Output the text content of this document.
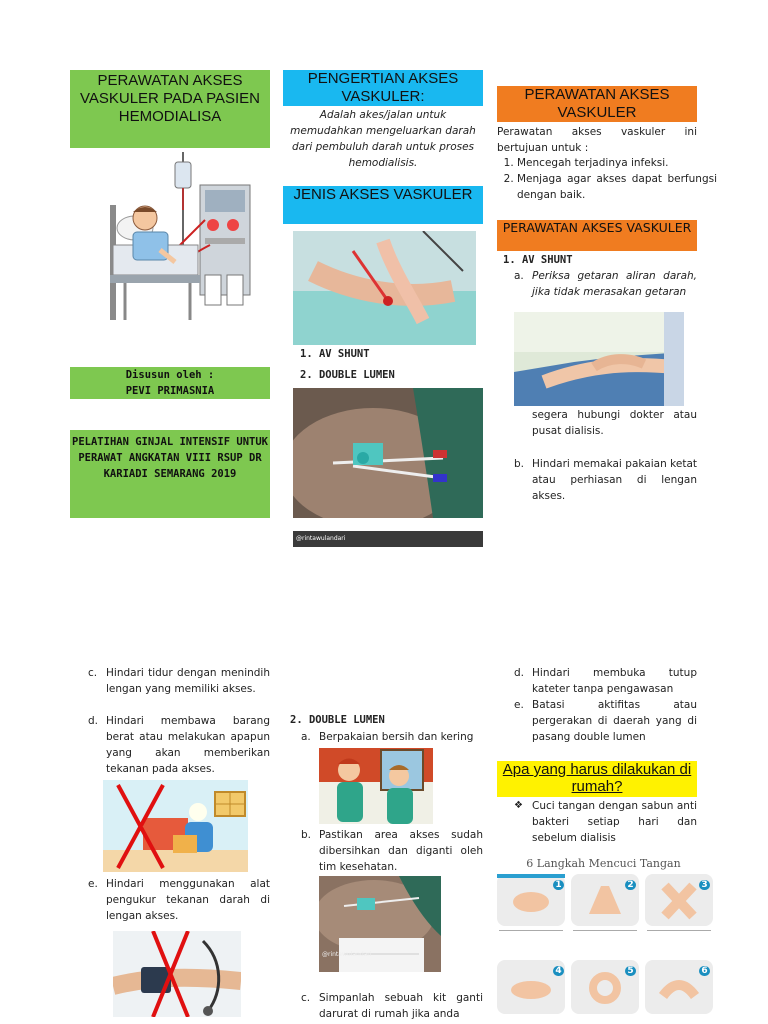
PERAWATAN AKSES VASKULER PADA PASIEN HEMODIALISA
Disusun oleh :
PEVI PRIMASNIA
PELATIHAN GINJAL INTENSIF UNTUK PERAWAT ANGKATAN VIII RSUP DR KARIADI SEMARANG 2019
PENGERTIAN AKSES VASKULER:
Adalah akes/jalan untuk memudahkan mengeluarkan darah dari pembuluh darah untuk proses hemodialisis.
JENIS AKSES VASKULER
1. AV SHUNT
2. DOUBLE LUMEN
@rintawulandari
PERAWATAN AKSES VASKULER
Perawatan akses vaskuler ini bertujuan untuk :
1. Mencegah terjadinya infeksi.
2. Menjaga agar akses dapat berfungsi dengan baik.
PERAWATAN AKSES VASKULER
1. AV SHUNT
a. Periksa getaran aliran darah, jika tidak merasakan getaran
segera hubungi dokter atau pusat dialisis.
b. Hindari memakai pakaian ketat atau perhiasan di lengan akses.
c. Hindari tidur dengan menindih lengan yang memiliki akses.
d. Hindari membawa barang berat atau melakukan apapun yang akan memberikan tekanan pada akses.
e. Hindari menggunakan alat pengukur tekanan darah di lengan akses.
2. DOUBLE LUMEN
a. Berpakaian bersih dan kering
b. Pastikan area akses sudah dibersihkan dan diganti oleh tim kesehatan.
@rintawulandari
c. Simpanlah sebuah kit ganti darurat di rumah jika anda
d. Hindari membuka tutup kateter tanpa pengawasan
e. Batasi aktifitas atau pergerakan di daerah yang di pasang double lumen
Apa yang harus dilakukan di rumah?
❖ Cuci tangan dengan sabun anti bakteri setiap hari dan sebelum dialisis
6 Langkah Mencuci Tangan
1	2	3
4	5	6
